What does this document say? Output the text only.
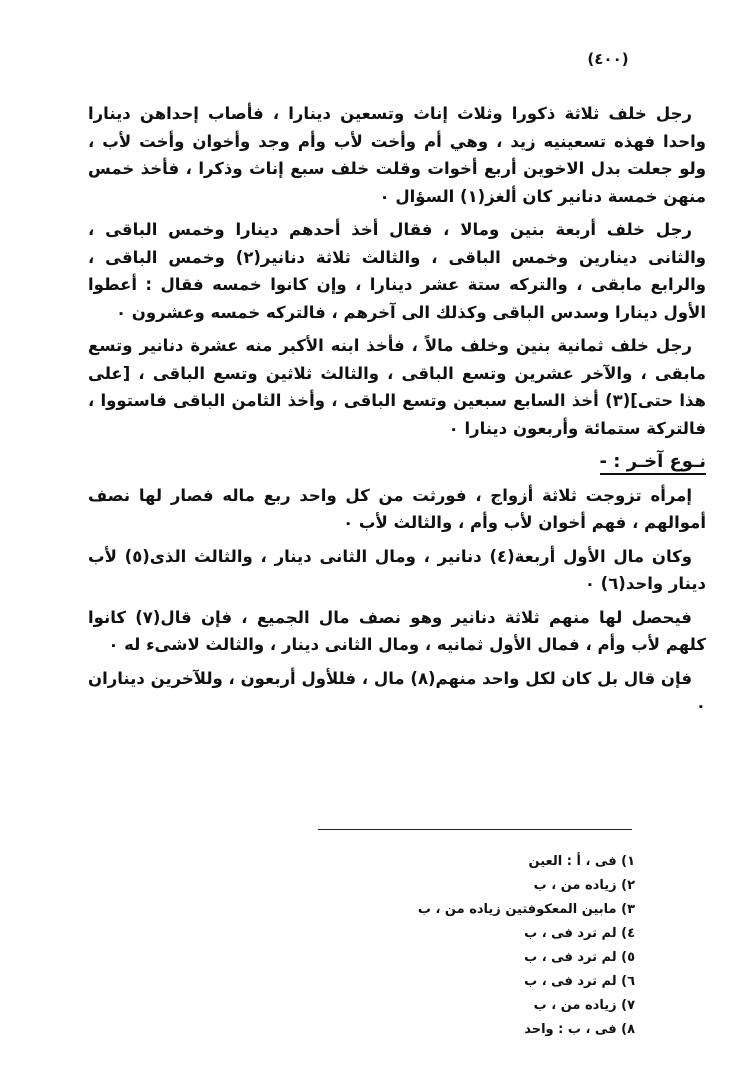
(٤٠٠)

رجل خلف ثلاثة ذكورا وثلاث إناث وتسعين دينارا ، فأصاب إحداهن دينارا واحدا فهذه تسعينيه زيد ، وهي أم وأخت لأب وأم وجد وأخوان وأخت لأب ، ولو جعلت بدل الاخوين أربع أخوات وقلت خلف سبع إناث وذكرا ، فأخذ خمس منهن خمسة دنانير كان ألغز(١) السؤال ٠

رجل خلف أربعة بنين ومالا ، فقال أخذ أحدهم دينارا وخمس الباقى ، والثانى دينارين وخمس الباقى ، والثالث ثلاثة دنانير(٢) وخمس الباقى ، والرابع مابقى ، والتركه ستة عشر دينارا ، وإن كانوا خمسه فقال : أعطوا الأول دينارا وسدس الباقى وكذلك الى آخرهم ، فالتركه خمسه وعشرون ٠

رجل خلف ثمانية بنين وخلف مالاً ، فأخذ ابنه الأكبر منه عشرة دنانير وتسع مابقى ، والآخر عشرين وتسع الباقى ، والثالث ثلاثين وتسع الباقى ، [على هذا حتى](٣) أخذ السابع سبعين وتسع الباقى ، وأخذ الثامن الباقى فاستووا ، فالتركة ستمائة وأربعون دينارا ٠

نـوع آخـر : -

إمرأه تزوجت ثلاثة أزواج ، فورثت من كل واحد ربع ماله فصار لها نصف أموالهم ، فهم أخوان لأب وأم ، والثالث لأب ٠

وكان مال الأول أربعة(٤) دنانير ، ومال الثانى دينار ، والثالث الذى(٥) لأب دينار واحد(٦) ٠

فيحصل لها منهم ثلاثة دنانير وهو نصف مال الجميع ، فإن قال(٧) كانوا كلهم لأب وأم ، فمال الأول ثمانيه ، ومال الثانى دينار ، والثالث لاشىء له ٠

فإن قال بل كان لكل واحد منهم(٨) مال ، فللأول أربعون ، وللآخرين ديناران ٠

١) فى ، أ : العين
٢) زياده من ، ب
٣) مابين المعكوفتين زياده من ، ب
٤) لم ترد فى ، ب
٥) لم ترد فى ، ب
٦) لم ترد فى ، ب
٧) زياده من ، ب
٨) فى ، ب : واحد
